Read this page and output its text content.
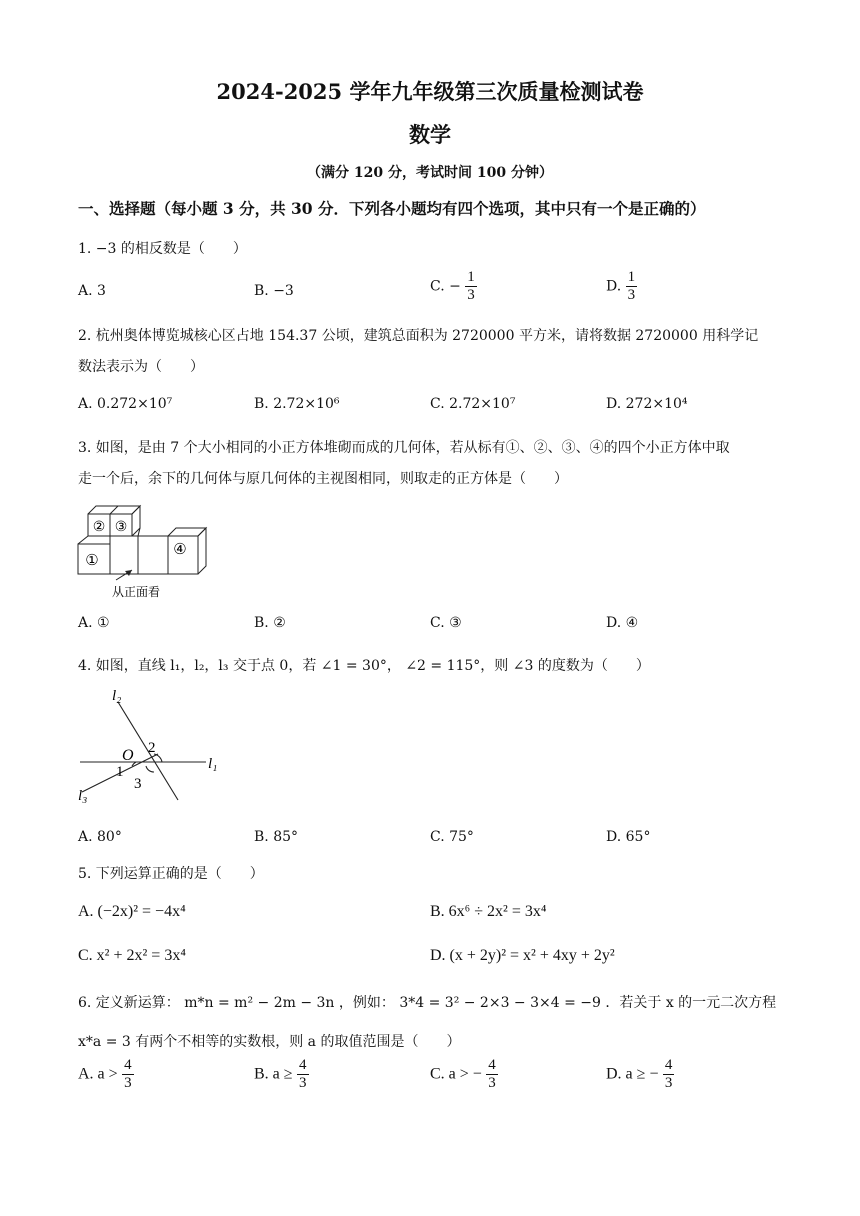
2024-2025 学年九年级第三次质量检测试卷
数学
（满分 120 分，考试时间 100 分钟）
一、选择题（每小题 3 分，共 30 分．下列各小题均有四个选项，其中只有一个是正确的）
1. −3 的相反数是（　　）
A. 3	B. −3	C. − $\frac{1}{3}$	D. $\frac{1}{3}$
2. 杭州奥体博览城核心区占地 154.37 公顷，建筑总面积为 2720000 平方米，请将数据 2720000 用科学记
数法表示为（　　）
A. 0.272×10⁷	B. 2.72×10⁶	C. 2.72×10⁷	D. 272×10⁴
3. 如图，是由 7 个大小相同的小正方体堆砌而成的几何体，若从标有①、②、③、④的四个小正方体中取
走一个后，余下的几何体与原几何体的主视图相同，则取走的正方体是（　　）
② ③
①
④
从正面看
A. ①	B. ②	C. ③	D. ④
4. 如图，直线 l₁，l₂，l₃ 交于点 0，若 ∠1 = 30°， ∠2 = 115°，则 ∠3 的度数为（　　）
l₂
l₁
l₃
O 2
1
3
A. 80°	B. 85°	C. 75°	D. 65°
5. 下列运算正确的是（　　）
A. (−2x)² = −4x⁴	B. 6x⁶ ÷ 2x² = 3x⁴
C. x² + 2x² = 3x⁴	D. (x + 2y)² = x² + 4xy + 2y²
6. 定义新运算： m*n = m² − 2m − 3n ，例如： 3*4 = 3² − 2×3 − 3×4 = −9 ．若关于 x 的一元二次方程
x*a = 3 有两个不相等的实数根，则 a 的取值范围是（　　）
A. $a > \frac{4}{3}$	B. $a \ge \frac{4}{3}$	C. a > − $\frac{4}{3}$	D. a ≥ − $\frac{4}{3}$
